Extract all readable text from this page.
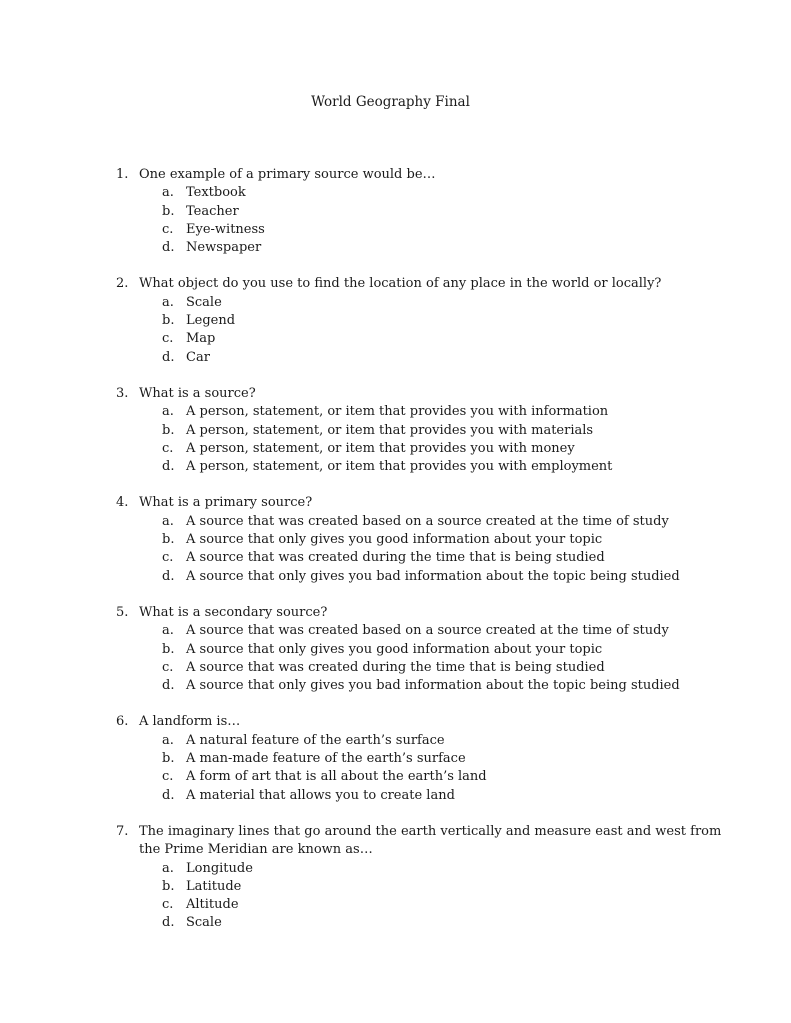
World Geography Final
1. One example of a primary source would be…
a. Textbook
b. Teacher
c. Eye-witness
d. Newspaper
2. What object do you use to find the location of any place in the world or locally?
a. Scale
b. Legend
c. Map
d. Car
3. What is a source?
a. A person, statement, or item that provides you with information
b. A person, statement, or item that provides you with materials
c. A person, statement, or item that provides you with money
d. A person, statement, or item that provides you with employment
4. What is a primary source?
a. A source that was created based on a source created at the time of study
b. A source that only gives you good information about your topic
c. A source that was created during the time that is being studied
d. A source that only gives you bad information about the topic being studied
5. What is a secondary source?
a. A source that was created based on a source created at the time of study
b. A source that only gives you good information about your topic
c. A source that was created during the time that is being studied
d. A source that only gives you bad information about the topic being studied
6. A landform is…
a. A natural feature of the earth’s surface
b. A man-made feature of the earth’s surface
c. A form of art that is all about the earth’s land
d. A material that allows you to create land
7. The imaginary lines that go around the earth vertically and measure east and west from the Prime Meridian are known as…
a. Longitude
b. Latitude
c. Altitude
d. Scale
